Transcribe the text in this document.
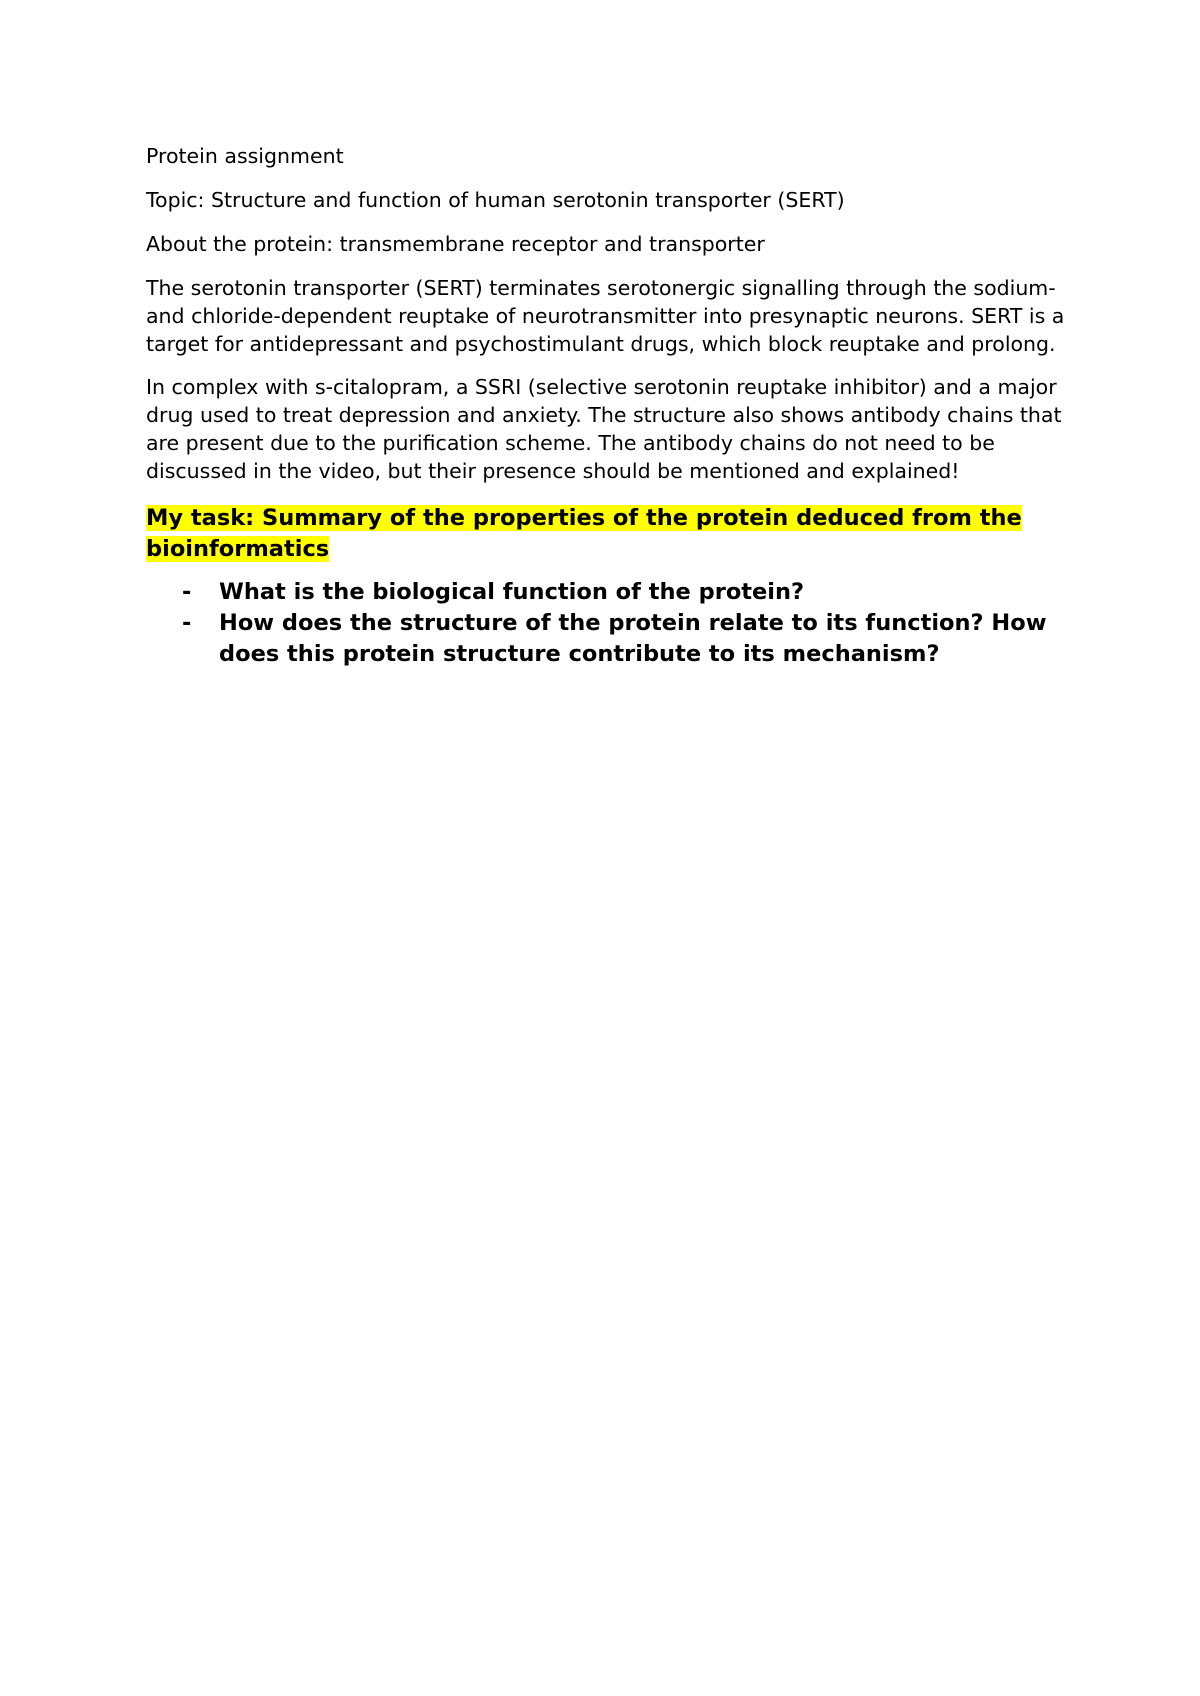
Protein assignment

Topic: Structure and function of human serotonin transporter (SERT)

About the protein: transmembrane receptor and transporter

The serotonin transporter (SERT) terminates serotonergic signalling through the sodium- and chloride-dependent reuptake of neurotransmitter into presynaptic neurons. SERT is a target for antidepressant and psychostimulant drugs, which block reuptake and prolong.

In complex with s-citalopram, a SSRI (selective serotonin reuptake inhibitor) and a major drug used to treat depression and anxiety. The structure also shows antibody chains that are present due to the purification scheme. The antibody chains do not need to be discussed in the video, but their presence should be mentioned and explained!

My task: Summary of the properties of the protein deduced from the bioinformatics

- What is the biological function of the protein?
- How does the structure of the protein relate to its function? How does this protein structure contribute to its mechanism?
